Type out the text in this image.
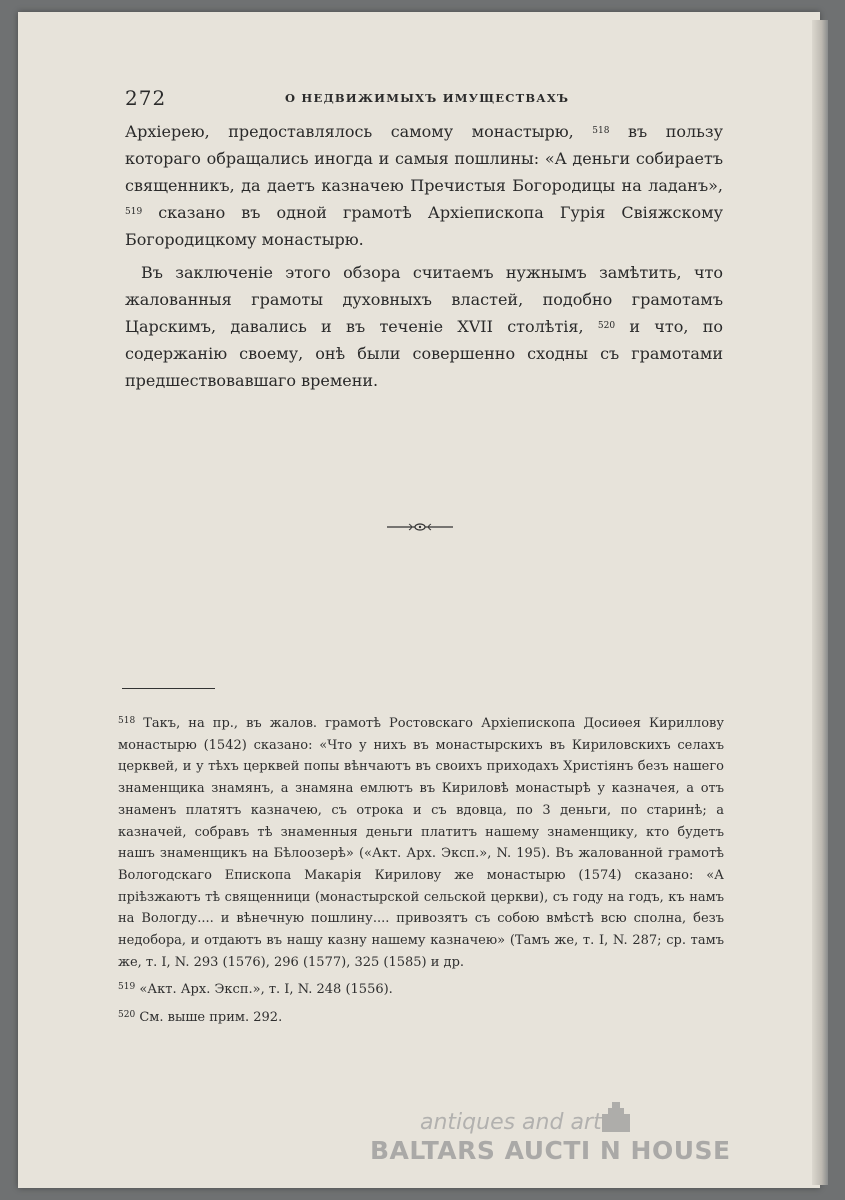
272	О НЕДВИЖИМЫХЪ ИМУЩЕСТВАХЪ

Архіерею, предоставлялось самому монастырю, $^{518}$ въ пользу котораго обращались иногда и самыя пошлины: «А деньги собираетъ священникъ, да даетъ казначею Пречистыя Богородицы на ладанъ», $^{519}$ сказано въ одной грамотѣ Архіепископа Гурія Свіяжскому Богородицкому монастырю.

Въ заключеніе этого обзора считаемъ нужнымъ замѣтить, что жалованныя грамоты духовныхъ властей, подобно грамотамъ Царскимъ, давались и въ теченіе XVII столѣтія, $^{520}$ и что, по содержанію своему, онѣ были совершенно сходны съ грамотами предшествовавшаго времени.

$^{518}$ Такъ, на пр., въ жалов. грамотѣ Ростовскаго Архіепископа Досиѳея Кириллову монастырю (1542) сказано: «Что у нихъ въ монастырскихъ въ Кириловскихъ селахъ церквей, и у тѣхъ церквей попы вѣнчаютъ въ своихъ приходахъ Христіянъ безъ нашего знаменщика знамянъ, а знамяна емлютъ въ Кириловѣ монастырѣ у казначея, а отъ знаменъ платятъ казначею, съ отрока и съ вдовца, по 3 деньги, по старинѣ; а казначей, собравъ тѣ знаменныя деньги платитъ нашему знаменщику, кто будетъ нашъ знаменщикъ на Бѣлоозерѣ» («Акт. Арх. Эксп.», N. 195). Въ жалованной грамотѣ Вологодскаго Епископа Макарія Кирилову же монастырю (1574) сказано: «А пріѣзжаютъ тѣ священници (монастырской сельской церкви), съ году на годъ, къ намъ на Вологду.... и вѣнечную пошлину.... привозятъ съ собою вмѣстѣ всю сполна, безъ недобора, и отдаютъ въ нашу казну нашему казначею» (Тамъ же, т. I, N. 287; ср. тамъ же, т. I, N. 293 (1576), 296 (1577), 325 (1585) и др.
$^{519}$ «Акт. Арх. Эксп.», т. I, N. 248 (1556).
$^{520}$ См. выше прим. 292.
antiques and art
BALTARS AUCTI N HOUSE
